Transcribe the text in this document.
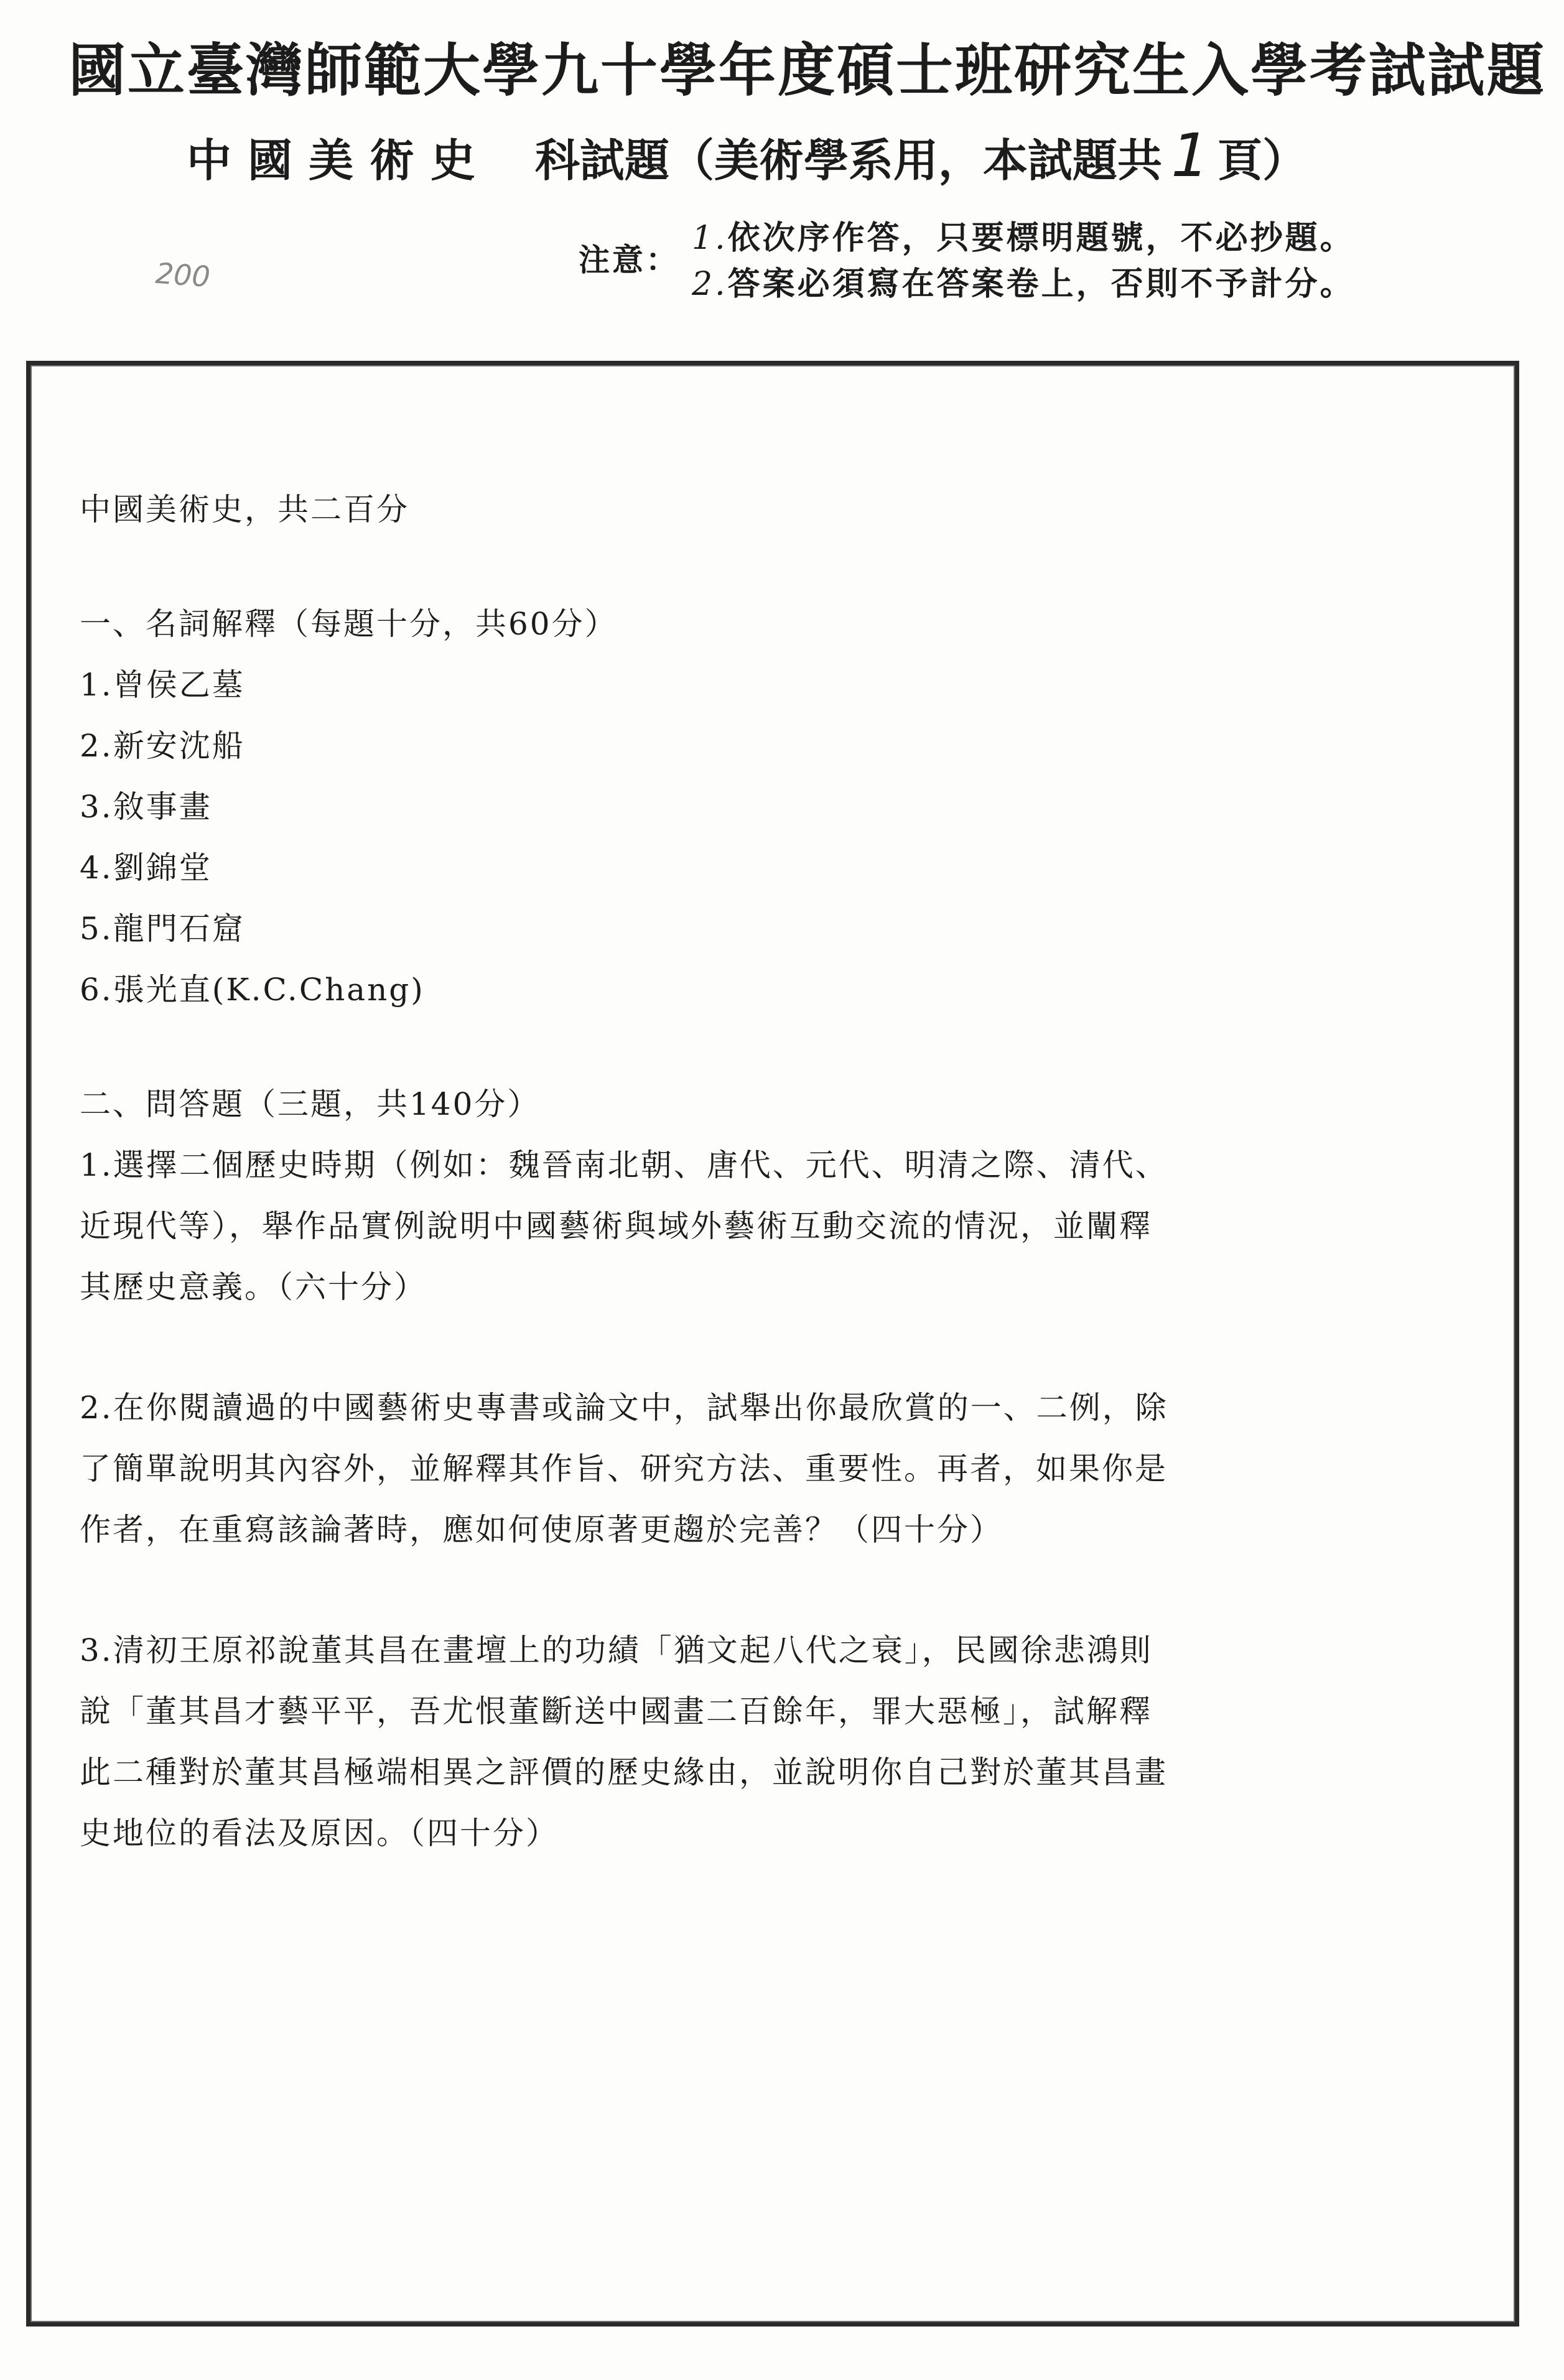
國立臺灣師範大學九十學年度碩士班研究生入學考試試題
中國美術史 科試題（美術學系用，本試題共1頁）
200	注意：
1.依次序作答，只要標明題號，不必抄題。
2.答案必須寫在答案卷上，否則不予計分。
中國美術史，共二百分
一、名詞解釋（每題十分，共60分）
1.曾侯乙墓
2.新安沈船
3.敘事畫
4.劉錦堂
5.龍門石窟
6.張光直(K.C.Chang)
二、問答題（三題，共140分）
1.選擇二個歷史時期（例如：魏晉南北朝、唐代、元代、明清之際、清代、
近現代等），舉作品實例說明中國藝術與域外藝術互動交流的情況，並闡釋
其歷史意義。（六十分）
2.在你閱讀過的中國藝術史專書或論文中，試舉出你最欣賞的一、二例，除
了簡單說明其內容外，並解釋其作旨、研究方法、重要性。再者，如果你是
作者，在重寫該論著時，應如何使原著更趨於完善？（四十分）
3.清初王原祁說董其昌在畫壇上的功績「猶文起八代之衰」，民國徐悲鴻則
說「董其昌才藝平平，吾尤恨董斷送中國畫二百餘年，罪大惡極」，試解釋
此二種對於董其昌極端相異之評價的歷史緣由，並說明你自己對於董其昌畫
史地位的看法及原因。（四十分）
